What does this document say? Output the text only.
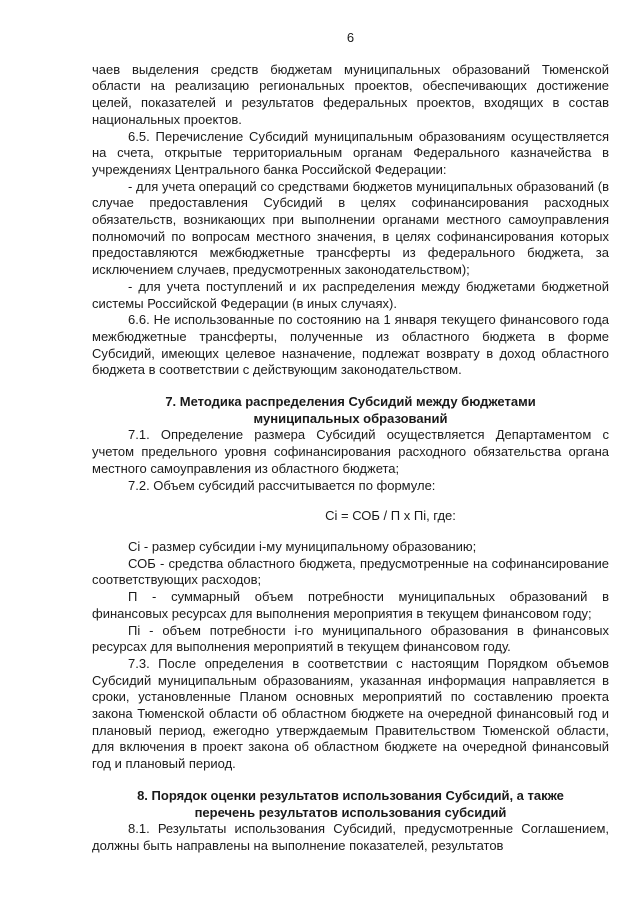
6

чаев выделения средств бюджетам муниципальных образований Тюменской области на реализацию региональных проектов, обеспечивающих достижение целей, показателей и результатов федеральных проектов, входящих в состав национальных проектов.

6.5. Перечисление Субсидий муниципальным образованиям осуществляется на счета, открытые территориальным органам Федерального казначейства в учреждениях Центрального банка Российской Федерации:

- для учета операций со средствами бюджетов муниципальных образований (в случае предоставления Субсидий в целях софинансирования расходных обязательств, возникающих при выполнении органами местного самоуправления полномочий по вопросам местного значения, в целях софинансирования которых предоставляются межбюджетные трансферты из федерального бюджета, за исключением случаев, предусмотренных законодательством);

- для учета поступлений и их распределения между бюджетами бюджетной системы Российской Федерации (в иных случаях).

6.6. Не использованные по состоянию на 1 января текущего финансового года межбюджетные трансферты, полученные из областного бюджета в форме Субсидий, имеющих целевое назначение, подлежат возврату в доход областного бюджета в соответствии с действующим законодательством.

7. Методика распределения Субсидий между бюджетами муниципальных образований

7.1. Определение размера Субсидий осуществляется Департаментом с учетом предельного уровня софинансирования расходного обязательства органа местного самоуправления из областного бюджета;

7.2. Объем субсидий рассчитывается по формуле:

Ci = СОБ / П х Пi, где:

Ci - размер субсидии i-му муниципальному образованию;

СОБ - средства областного бюджета, предусмотренные на софинансирование соответствующих расходов;

П - суммарный объем потребности муниципальных образований в финансовых ресурсах для выполнения мероприятия в текущем финансовом году;

Пi - объем потребности i-го муниципального образования в финансовых ресурсах для выполнения мероприятий в текущем финансовом году.

7.3. После определения в соответствии с настоящим Порядком объемов Субсидий муниципальным образованиям, указанная информация направляется в сроки, установленные Планом основных мероприятий по составлению проекта закона Тюменской области об областном бюджете на очередной финансовый год и плановый период, ежегодно утверждаемым Правительством Тюменской области, для включения в проект закона об областном бюджете на очередной финансовый год и плановый период.

8. Порядок оценки результатов использования Субсидий, а также перечень результатов использования субсидий

8.1. Результаты использования Субсидий, предусмотренные Соглашением, должны быть направлены на выполнение показателей, результатов
